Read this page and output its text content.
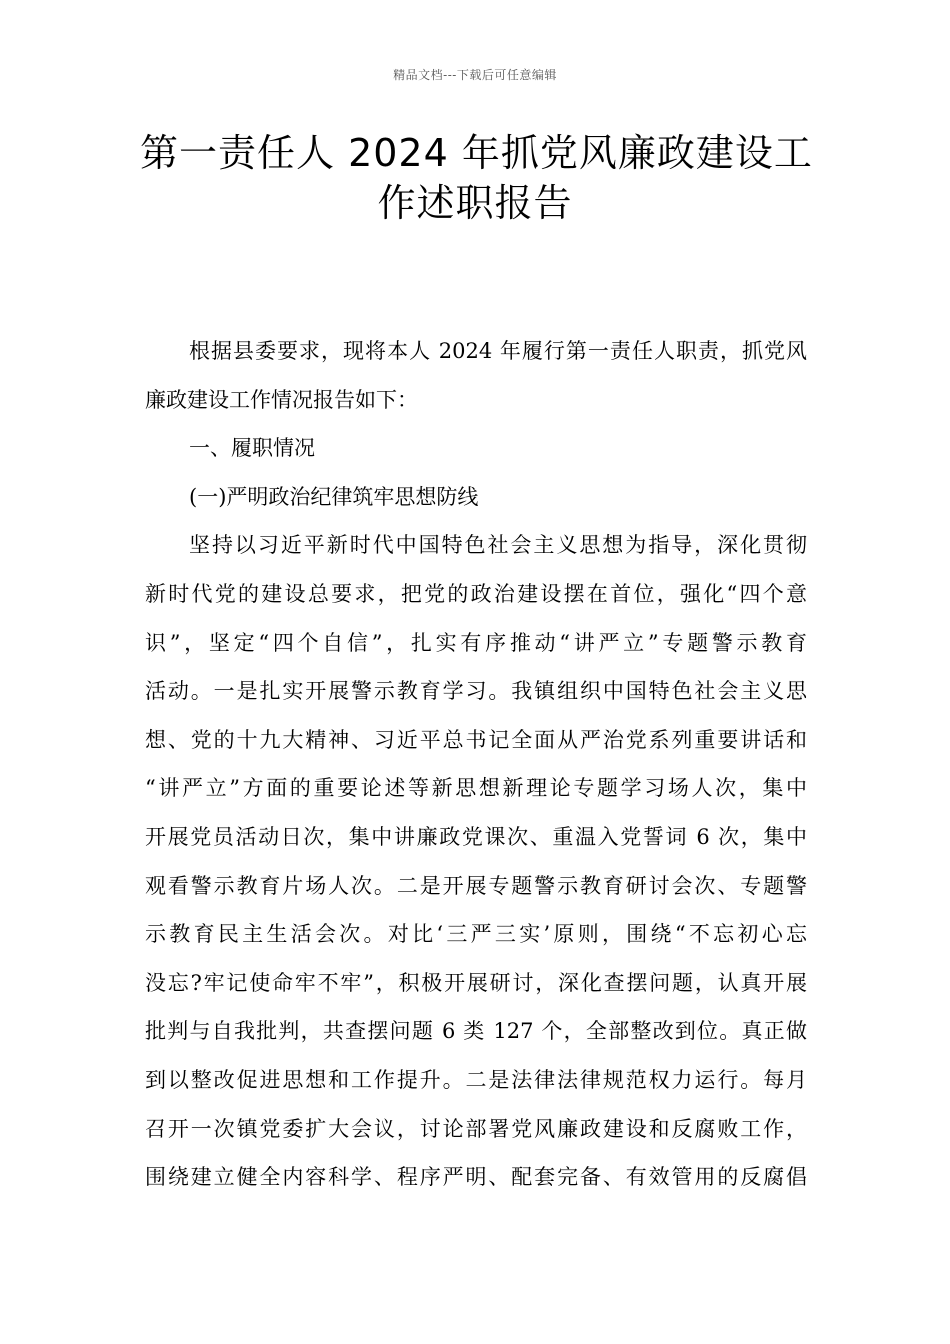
精品文档---下载后可任意编辑
第一责任人 2024 年抓党风廉政建设工
作述职报告
根据县委要求，现将本人 2024 年履行第一责任人职责，抓党风
廉政建设工作情况报告如下：
一、履职情况
(一)严明政治纪律筑牢思想防线
坚持以习近平新时代中国特色社会主义思想为指导，深化贯彻
新时代党的建设总要求，把党的政治建设摆在首位，强化“四个意
识”，坚定“四个自信”，扎实有序推动“讲严立”专题警示教育
活动。一是扎实开展警示教育学习。我镇组织中国特色社会主义思
想、党的十九大精神、习近平总书记全面从严治党系列重要讲话和
“讲严立”方面的重要论述等新思想新理论专题学习场人次，集中
开展党员活动日次，集中讲廉政党课次、重温入党誓词 6 次，集中
观看警示教育片场人次。二是开展专题警示教育研讨会次、专题警
示教育民主生活会次。对比‘三严三实’原则，围绕“不忘初心忘
没忘?牢记使命牢不牢”，积极开展研讨，深化查摆问题，认真开展
批判与自我批判，共查摆问题 6 类 127 个，全部整改到位。真正做
到以整改促进思想和工作提升。二是法律法律规范权力运行。每月
召开一次镇党委扩大会议，讨论部署党风廉政建设和反腐败工作，
围绕建立健全内容科学、程序严明、配套完备、有效管用的反腐倡
